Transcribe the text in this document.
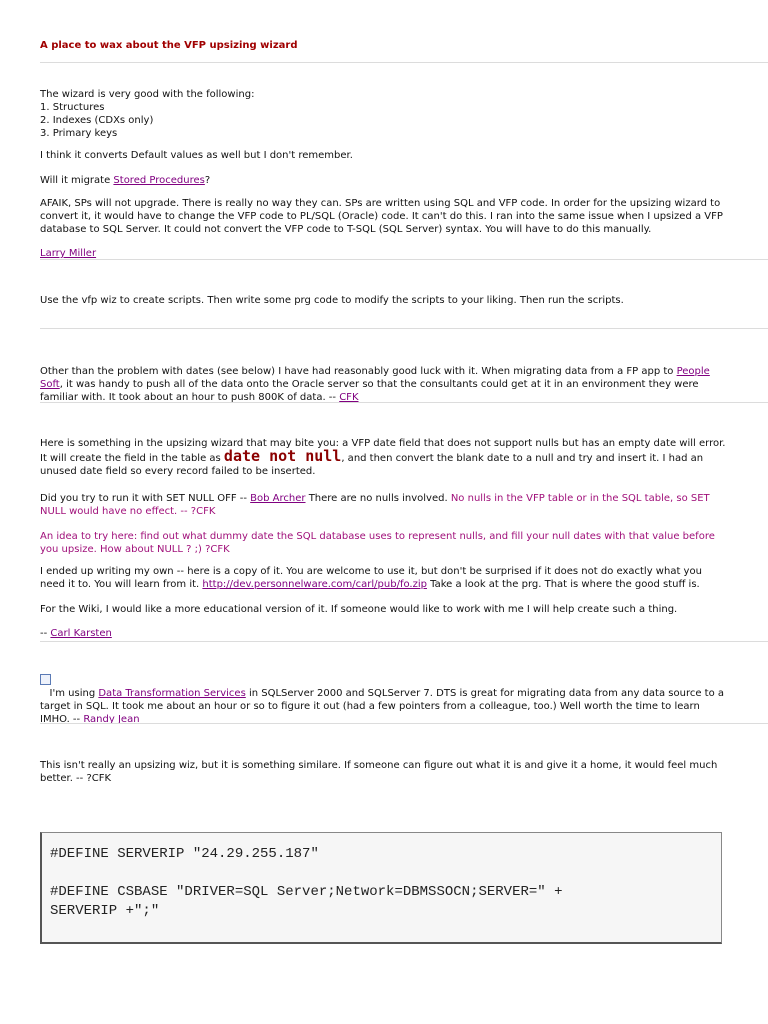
A place to wax about the VFP upsizing wizard

The wizard is very good with the following:

1. Structures

2. Indexes (CDXs only)

3. Primary keys

I think it converts Default values as well but I don't remember.

Will it migrate Stored Procedures?

AFAIK, SPs will not upgrade. There is really no way they can. SPs are written using SQL and VFP code. In order for the upsizing wizard to convert it, it would have to change the VFP code to PL/SQL (Oracle) code. It can't do this. I ran into the same issue when I upsized a VFP database to SQL Server. It could not convert the VFP code to T-SQL (SQL Server) syntax. You will have to do this manually.

Larry Miller

Use the vfp wiz to create scripts. Then write some prg code to modify the scripts to your liking. Then run the scripts.

Other than the problem with dates (see below) I have had reasonably good luck with it. When migrating data from a FP app to People Soft, it was handy to push all of the data onto the Oracle server so that the consultants could get at it in an environment they were familiar with. It took about an hour to push 800K of data. -- CFK

Here is something in the upsizing wizard that may bite you: a VFP date field that does not support nulls but has an empty date will error. It will create the field in the table as date not null, and then convert the blank date to a null and try and insert it. I had an unused date field so every record failed to be inserted.

Did you try to run it with SET NULL OFF -- Bob Archer There are no nulls involved. No nulls in the VFP table or in the SQL table, so SET NULL would have no effect. -- ?CFK

An idea to try here: find out what dummy date the SQL database uses to represent nulls, and fill your null dates with that value before you upsize. How about NULL ? ;) ?CFK

I ended up writing my own -- here is a copy of it. You are welcome to use it, but don't be surprised if it does not do exactly what you need it to. You will learn from it. http://dev.personnelware.com/carl/pub/fo.zip Take a look at the prg. That is where the good stuff is.

For the Wiki, I would like a more educational version of it. If someone would like to work with me I will help create such a thing.

-- Carl Karsten

I'm using Data Transformation Services in SQLServer 2000 and SQLServer 7. DTS is great for migrating data from any data source to a target in SQL. It took me about an hour or so to figure it out (had a few pointers from a colleague, too.) Well worth the time to learn IMHO. -- Randy Jean

This isn't really an upsizing wiz, but it is something similare. If someone can figure out what it is and give it a home, it would feel much better. -- ?CFK

#DEFINE SERVERIP "24.29.255.187"
#DEFINE CSBASE "DRIVER=SQL Server;Network=DBMSSOCN;SERVER=" +
SERVERIP +";"
